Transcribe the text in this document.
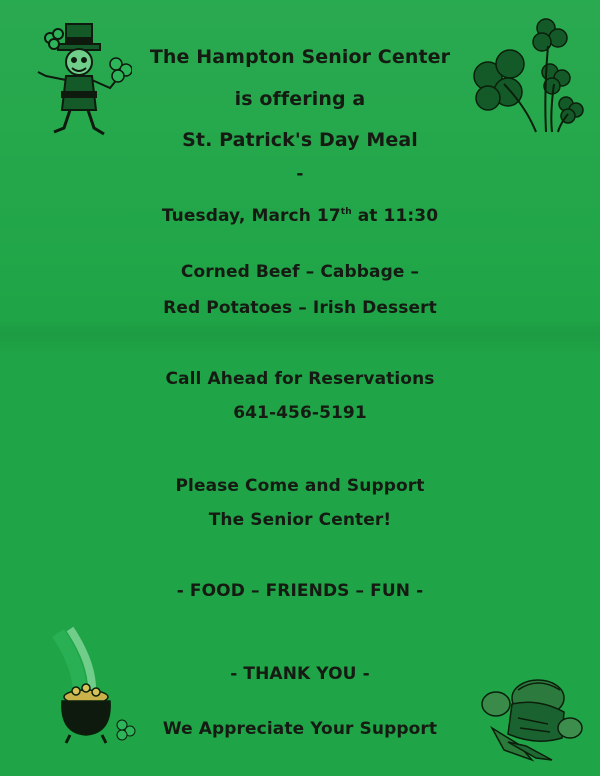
The Hampton Senior Center
is offering a
St. Patrick's Day Meal
-
Tuesday, March 17th at 11:30
Corned Beef – Cabbage –
Red Potatoes – Irish Dessert
Call Ahead for Reservations
641-456-5191
Please Come and Support
The Senior Center!
- FOOD – FRIENDS – FUN -
- THANK YOU -
We Appreciate Your Support
